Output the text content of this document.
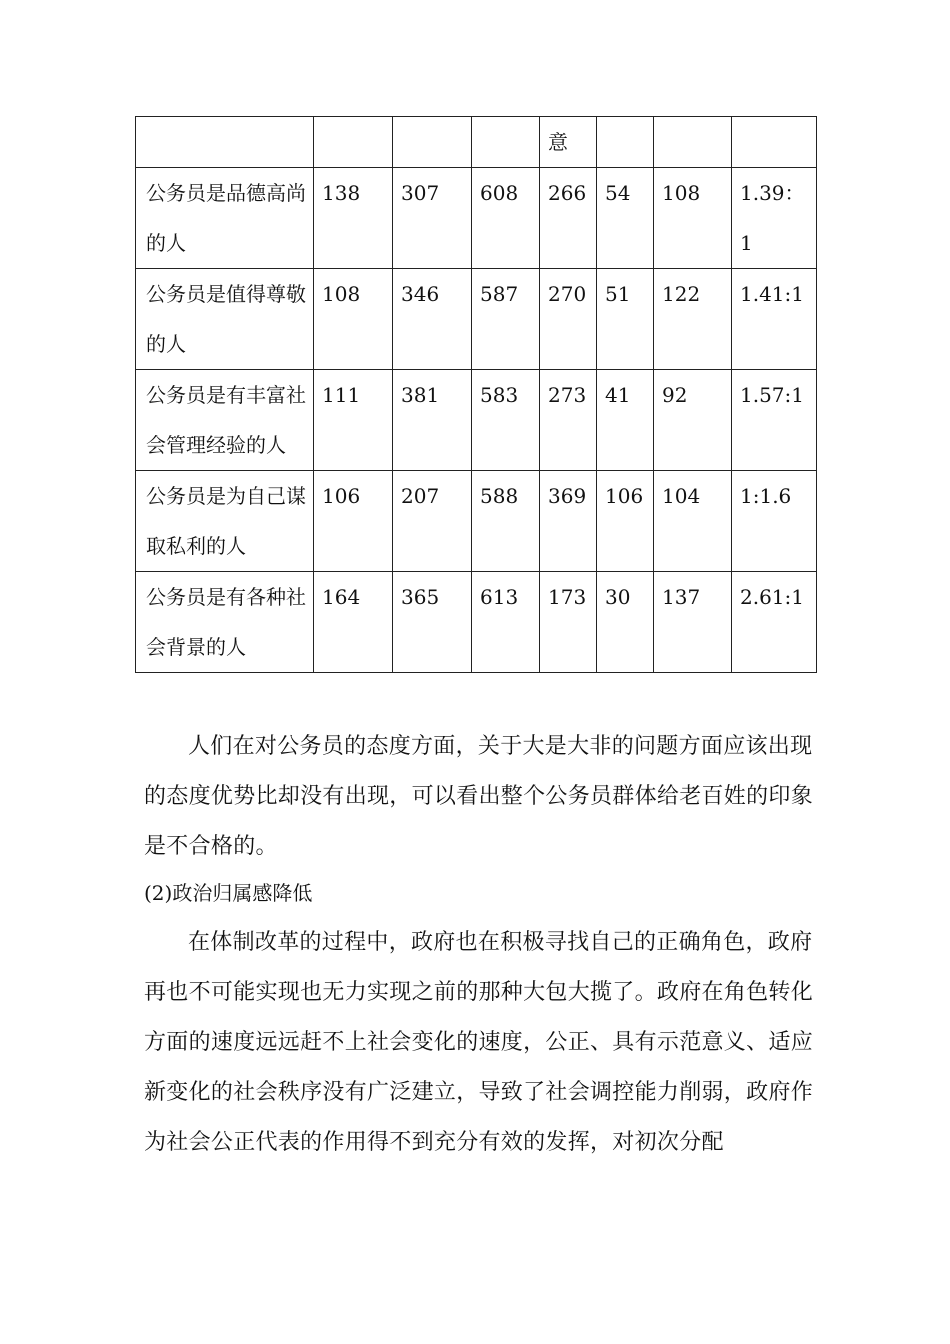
				意			
公务员是品德高尚的人	138	307	608	266	54	108	1.39：1
公务员是值得尊敬的人	108	346	587	270	51	122	1.41:1
公务员是有丰富社会管理经验的人	111	381	583	273	41	92	1.57:1
公务员是为自己谋取私利的人	106	207	588	369	106	104	1:1.6
公务员是有各种社会背景的人	164	365	613	173	30	137	2.61:1

人们在对公务员的态度方面，关于大是大非的问题方面应该出现的态度优势比却没有出现，可以看出整个公务员群体给老百姓的印象是不合格的。

(2)政治归属感降低

在体制改革的过程中，政府也在积极寻找自己的正确角色，政府再也不可能实现也无力实现之前的那种大包大揽了。政府在角色转化方面的速度远远赶不上社会变化的速度，公正、具有示范意义、适应新变化的社会秩序没有广泛建立，导致了社会调控能力削弱，政府作为社会公正代表的作用得不到充分有效的发挥，对初次分配
